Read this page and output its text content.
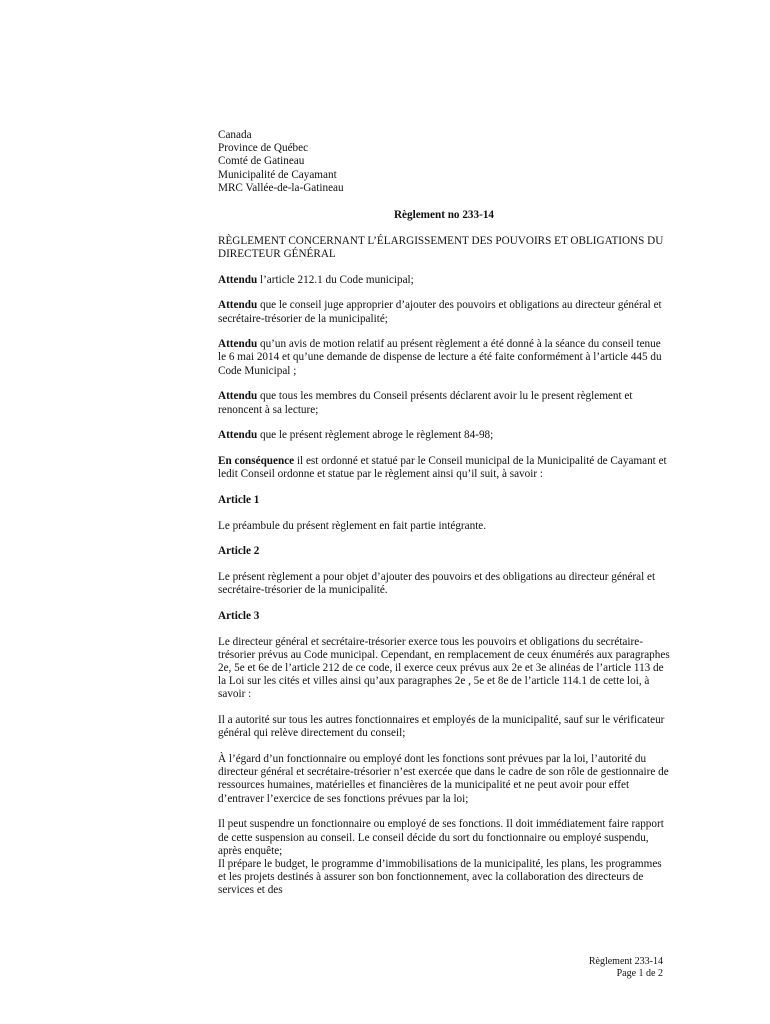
Canada

Province de Québec

Comté de Gatineau

Municipalité de Cayamant

MRC Vallée-de-la-Gatineau

Règlement no 233-14

RÈGLEMENT CONCERNANT L’ÉLARGISSEMENT DES POUVOIRS ET OBLIGATIONS DU DIRECTEUR GÉNÉRAL

Attendu l’article 212.1 du Code municipal;

Attendu que le conseil juge approprier d’ajouter des pouvoirs et obligations au directeur général et secrétaire-trésorier de la municipalité;

Attendu qu’un avis de motion relatif au présent règlement a été donné à la séance du conseil tenue le 6 mai 2014 et qu’une demande de dispense de lecture a été faite conformément à l’article 445 du Code Municipal ;

Attendu que tous les membres du Conseil présents déclarent avoir lu le present règlement et renoncent à sa lecture;

Attendu que le présent règlement abroge le règlement 84-98;

En conséquence il est ordonné et statué par le Conseil municipal de la Municipalité de Cayamant et ledit Conseil ordonne et statue par le règlement ainsi qu’il suit, à savoir :

Article 1

Le préambule du présent règlement en fait partie intégrante.

Article 2

Le présent règlement a pour objet d’ajouter des pouvoirs et des obligations au directeur général et secrétaire-trésorier de la municipalité.

Article 3

Le directeur général et secrétaire-trésorier exerce tous les pouvoirs et obligations du secrétaire-trésorier prévus au Code municipal. Cependant, en remplacement de ceux énumérés aux paragraphes 2e, 5e et 6e de l’article 212 de ce code, il exerce ceux prévus aux 2e et 3e alinéas de l’article 113 de la Loi sur les cités et villes ainsi qu’aux paragraphes 2e , 5e et 8e de l’article 114.1 de cette loi, à savoir :

Il a autorité sur tous les autres fonctionnaires et employés de la municipalité, sauf sur le vérificateur général qui relève directement du conseil;

À l’égard d’un fonctionnaire ou employé dont les fonctions sont prévues par la loi, l’autorité du directeur général et secrétaire-trésorier n’est exercée que dans le cadre de son rôle de gestionnaire de ressources humaines, matérielles et financières de la municipalité et ne peut avoir pour effet d’entraver l’exercice de ses fonctions prévues par la loi;

Il peut suspendre un fonctionnaire ou employé de ses fonctions. Il doit immédiatement faire rapport de cette suspension au conseil. Le conseil décide du sort du fonctionnaire ou employé suspendu, après enquête;
Il prépare le budget, le programme d’immobilisations de la municipalité, les plans, les programmes et les projets destinés à assurer son bon fonctionnement, avec la collaboration des directeurs de services et des

Règlement 233-14

Page 1 de 2
